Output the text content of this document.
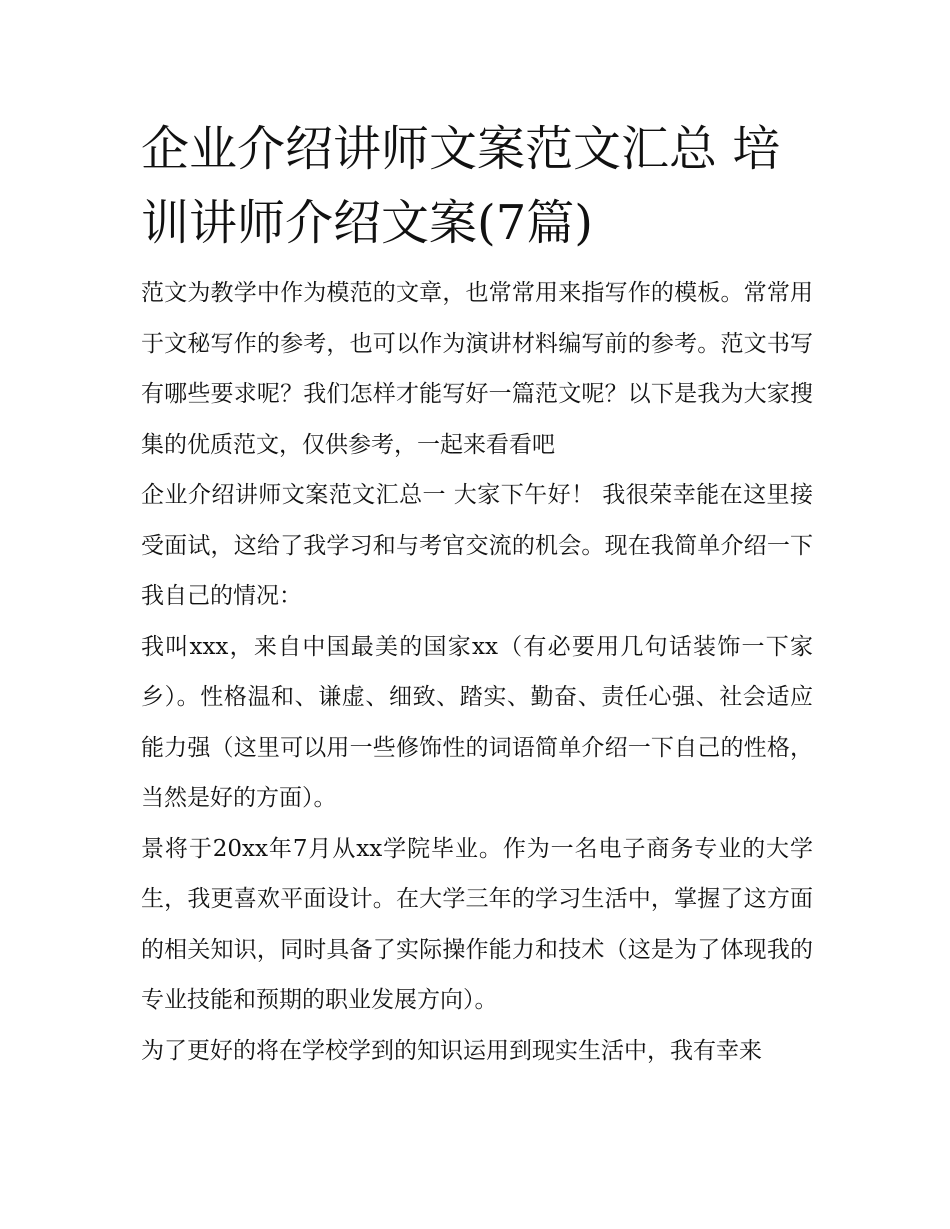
企业介绍讲师文案范文汇总 培训讲师介绍文案(7篇)

范文为教学中作为模范的文章，也常常用来指写作的模板。常常用于文秘写作的参考，也可以作为演讲材料编写前的参考。范文书写有哪些要求呢？我们怎样才能写好一篇范文呢？以下是我为大家搜集的优质范文，仅供参考，一起来看看吧

企业介绍讲师文案范文汇总一 大家下午好！ 我很荣幸能在这里接受面试，这给了我学习和与考官交流的机会。现在我简单介绍一下我自己的情况：

我叫xxx，来自中国最美的国家xx（有必要用几句话装饰一下家乡）。性格温和、谦虚、细致、踏实、勤奋、责任心强、社会适应能力强（这里可以用一些修饰性的词语简单介绍一下自己的性格，当然是好的方面）。

景将于20xx年7月从xx学院毕业。作为一名电子商务专业的大学生，我更喜欢平面设计。在大学三年的学习生活中，掌握了这方面的相关知识，同时具备了实际操作能力和技术（这是为了体现我的专业技能和预期的职业发展方向）。

为了更好的将在学校学到的知识运用到现实生活中，我有幸来
